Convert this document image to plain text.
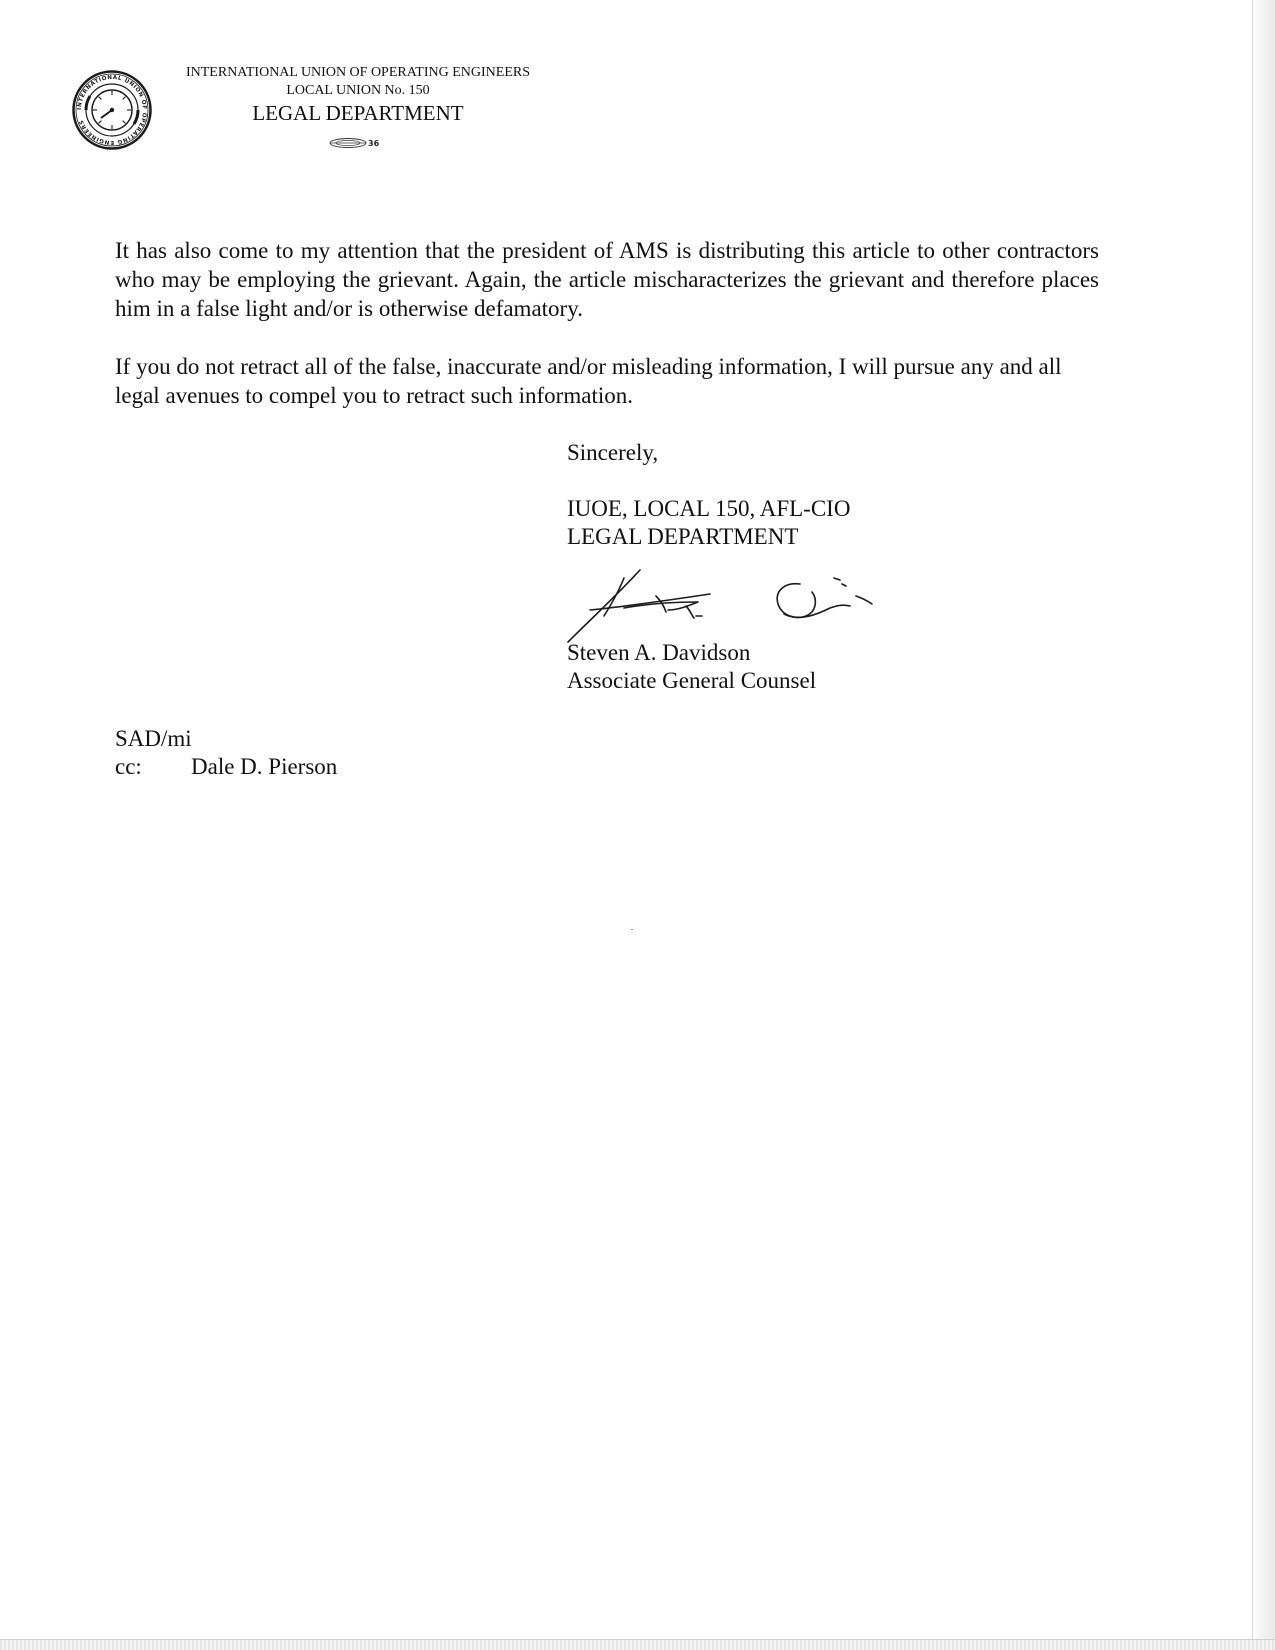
INTERNATIONAL UNION OF OPERATING ENGINEERS
INTERNATIONAL UNION OF OPERATING ENGINEERS
LOCAL UNION No. 150
LEGAL DEPARTMENT
36

It has also come to my attention that the president of AMS is distributing this article to other contractors who may be employing the grievant. Again, the article mischaracterizes the grievant and therefore places him in a false light and/or is otherwise defamatory.

If you do not retract all of the false, inaccurate and/or misleading information, I will pursue any and all legal avenues to compel you to retract such information.

Sincerely,
IUOE, LOCAL 150, AFL-CIO
LEGAL DEPARTMENT
Steven A. Davidson
Associate General Counsel
SAD/mi
cc: Dale D. Pierson
